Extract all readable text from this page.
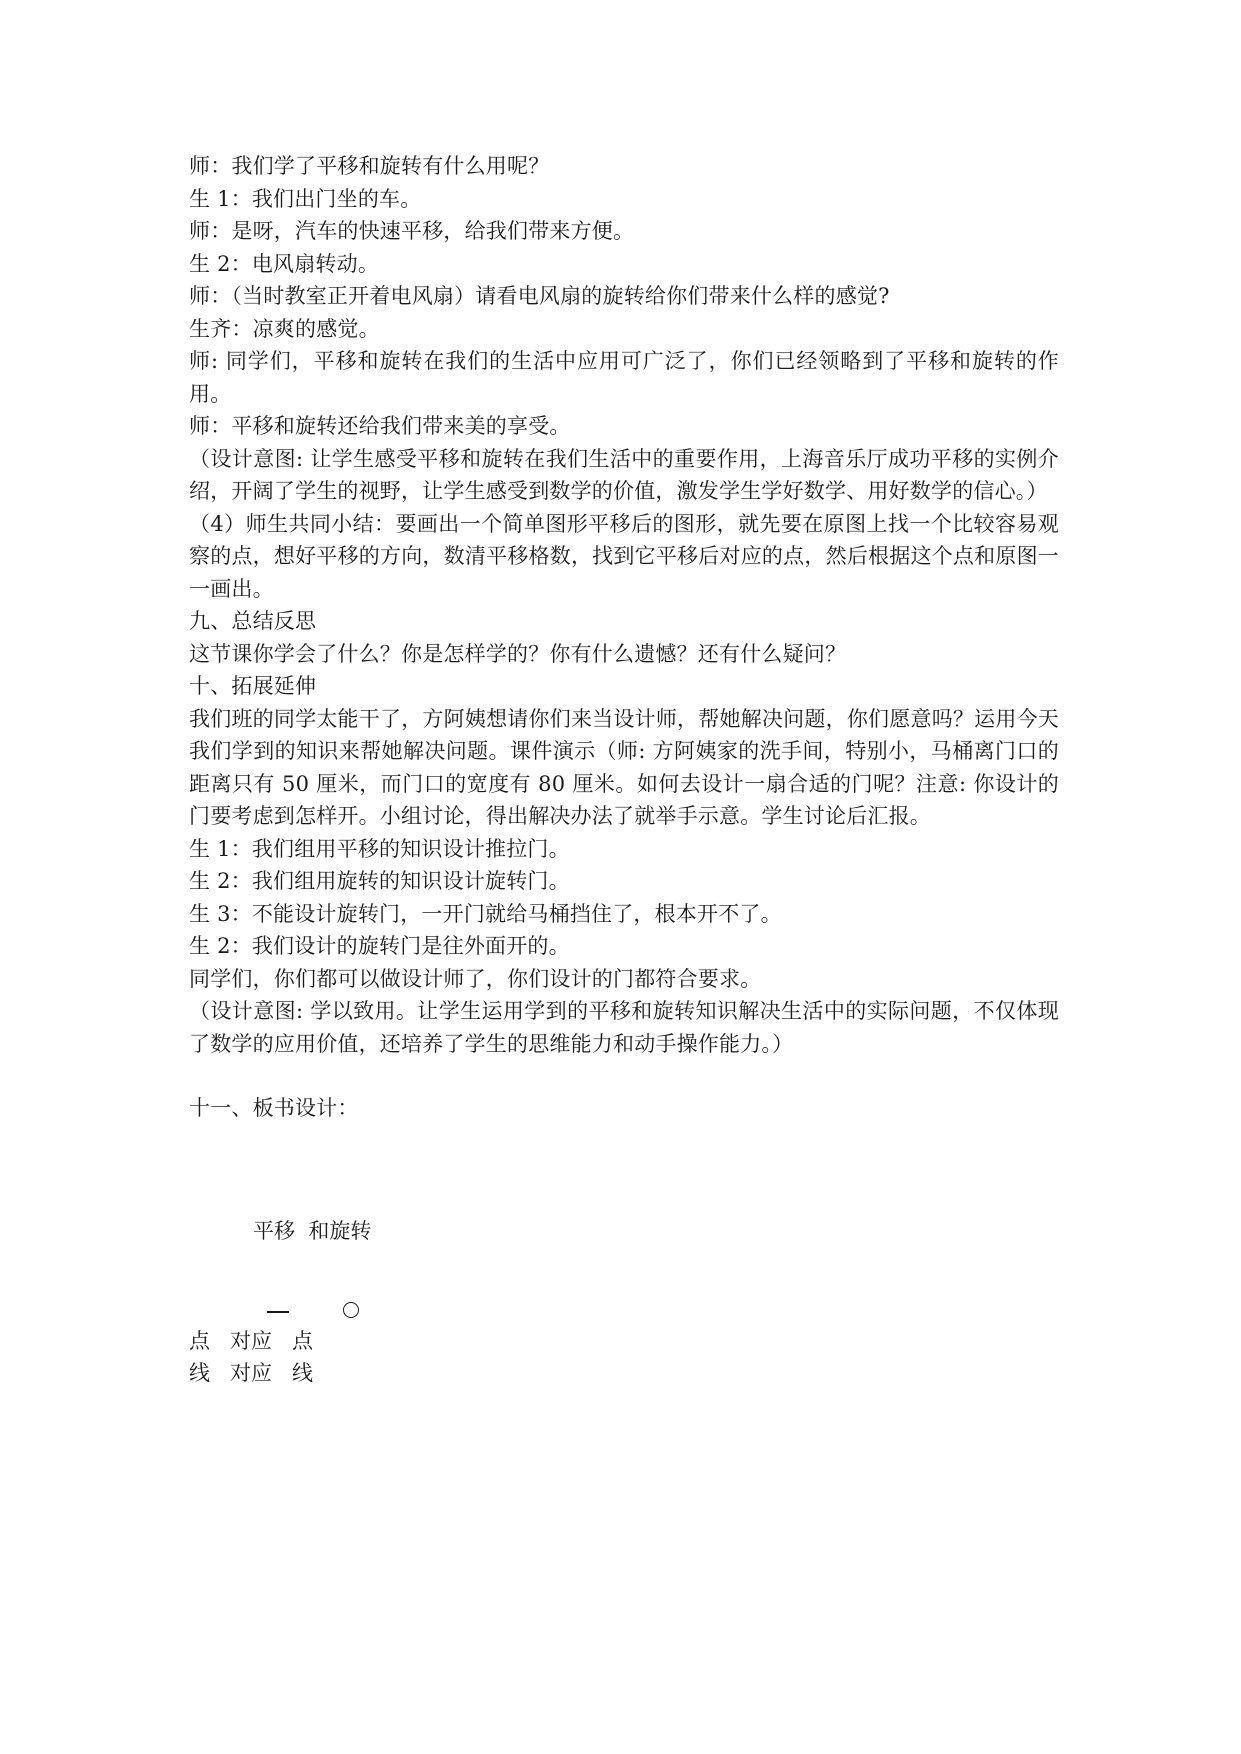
师：我们学了平移和旋转有什么用呢？

生 1：我们出门坐的车。

师：是呀，汽车的快速平移，给我们带来方便。

生 2：电风扇转动。

师：（当时教室正开着电风扇）请看电风扇的旋转给你们带来什么样的感觉?

生齐：凉爽的感觉。

师: 同学们，平移和旋转在我们的生活中应用可广泛了，你们已经领略到了平移和旋转的作用。

师：平移和旋转还给我们带来美的享受。

（设计意图: 让学生感受平移和旋转在我们生活中的重要作用，上海音乐厅成功平移的实例介绍，开阔了学生的视野，让学生感受到数学的价值，激发学生学好数学、用好数学的信心。）

（4）师生共同小结：要画出一个简单图形平移后的图形，就先要在原图上找一个比较容易观察的点，想好平移的方向，数清平移格数，找到它平移后对应的点，然后根据这个点和原图一一画出。

九、总结反思

这节课你学会了什么？你是怎样学的？你有什么遗憾？还有什么疑问？

十、拓展延伸

我们班的同学太能干了，方阿姨想请你们来当设计师，帮她解决问题，你们愿意吗？运用今天我们学到的知识来帮她解决问题。课件演示（师: 方阿姨家的洗手间，特别小，马桶离门口的距离只有 50 厘米，而门口的宽度有 80 厘米。如何去设计一扇合适的门呢？注意: 你设计的门要考虑到怎样开。小组讨论，得出解决办法了就举手示意。学生讨论后汇报。

生 1：我们组用平移的知识设计推拉门。

生 2：我们组用旋转的知识设计旋转门。

生 3：不能设计旋转门，一开门就给马桶挡住了，根本开不了。

生 2：我们设计的旋转门是往外面开的。

同学们，你们都可以做设计师了，你们设计的门都符合要求。

（设计意图: 学以致用。让学生运用学到的平移和旋转知识解决生活中的实际问题，不仅体现了数学的应用价值，还培养了学生的思维能力和动手操作能力。）

十一、板书设计：

平移  和旋转
点   对应   点
线   对应   线
